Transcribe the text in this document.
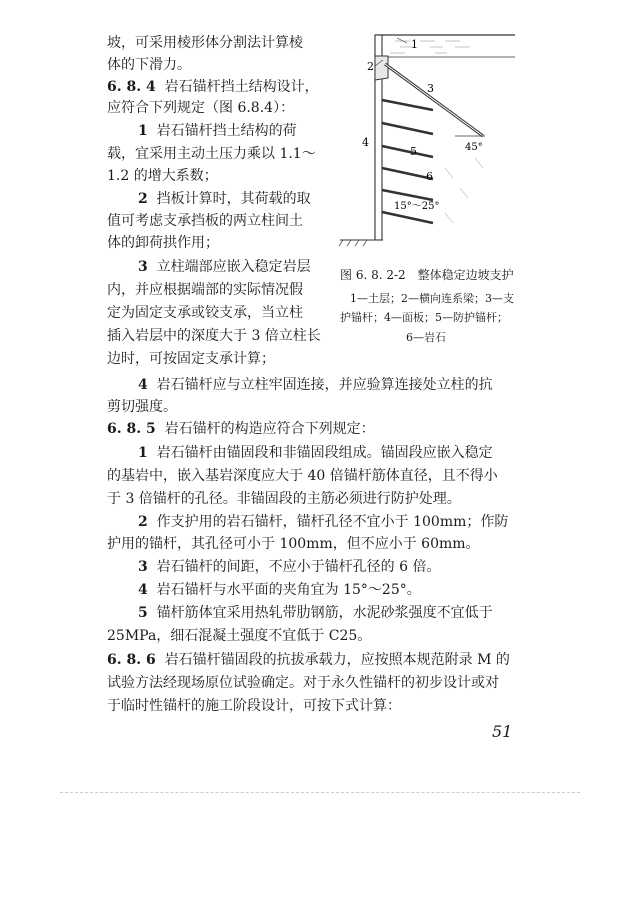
坡，可采用棱形体分割法计算棱
体的下滑力。
6. 8. 4 岩石锚杆挡土结构设计，
应符合下列规定（图 6.8.4）：
1 岩石锚杆挡土结构的荷
载，宜采用主动土压力乘以 1.1～
1.2 的增大系数；
2 挡板计算时，其荷载的取
值可考虑支承挡板的两立柱间土
体的卸荷拱作用；
3 立柱端部应嵌入稳定岩层
内，并应根据端部的实际情况假
定为固定支承或铰支承，当立柱
插入岩层中的深度大于 3 倍立柱长
边时，可按固定支承计算；
1
2
3
4
5
6
45°
15°～25°
图 6. 8. 2-2　整体稳定边坡支护
1—土层；2—横向连系梁；3—支
护锚杆；4—面板；5—防护锚杆；
6—岩石
4 岩石锚杆应与立柱牢固连接，并应验算连接处立柱的抗
剪切强度。
6. 8. 5 岩石锚杆的构造应符合下列规定：
1 岩石锚杆由锚固段和非锚固段组成。锚固段应嵌入稳定
的基岩中，嵌入基岩深度应大于 40 倍锚杆筋体直径，且不得小
于 3 倍锚杆的孔径。非锚固段的主筋必须进行防护处理。
2 作支护用的岩石锚杆，锚杆孔径不宜小于 100mm；作防
护用的锚杆，其孔径可小于 100mm，但不应小于 60mm。
3 岩石锚杆的间距，不应小于锚杆孔径的 6 倍。
4 岩石锚杆与水平面的夹角宜为 15°～25°。
5 锚杆筋体宜采用热轧带肋钢筋，水泥砂浆强度不宜低于
25MPa，细石混凝土强度不宜低于 C25。
6. 8. 6 岩石锚杆锚固段的抗拔承载力，应按照本规范附录 M 的
试验方法经现场原位试验确定。对于永久性锚杆的初步设计或对
于临时性锚杆的施工阶段设计，可按下式计算：
51
